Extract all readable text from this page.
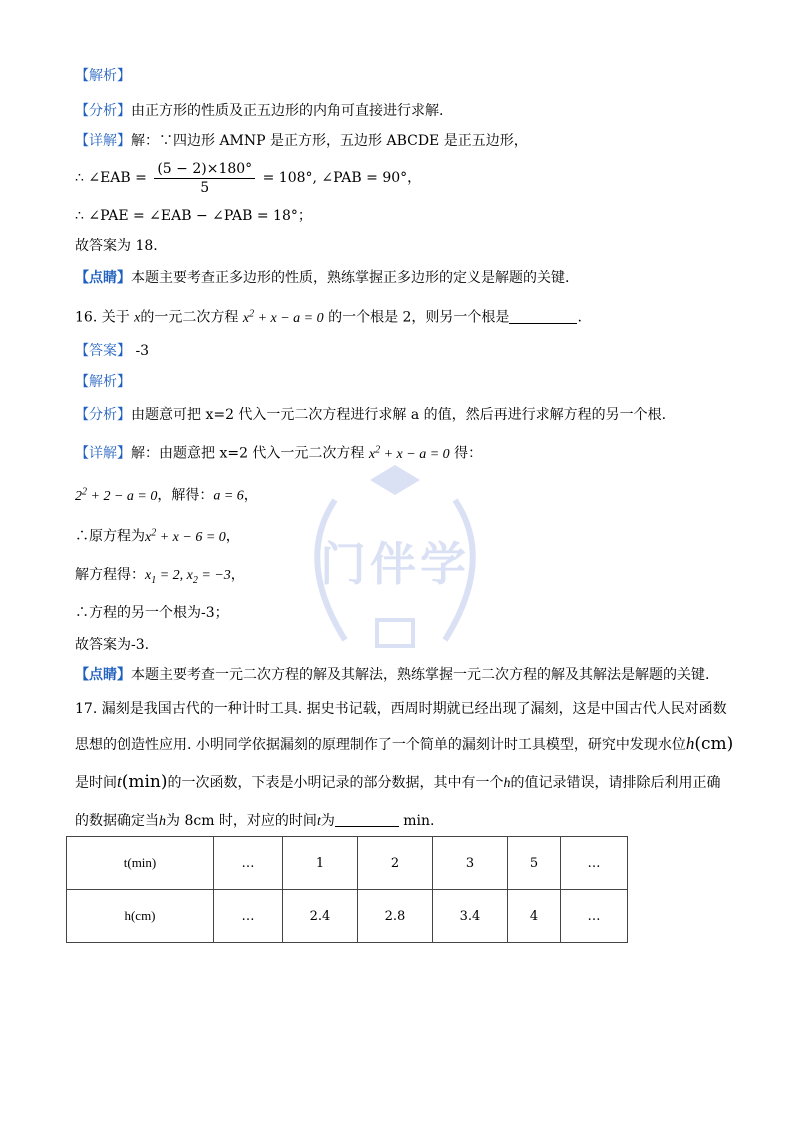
门伴学
【解析】
【分析】由正方形的性质及正五边形的内角可直接进行求解.
【详解】解：∵四边形 AMNP 是正方形，五边形 ABCDE 是正五边形，
∴ ∠EAB = $\frac{(5 - 2)\times 180^\circ}{5} = 108^\circ$, ∠PAB = 90°，
∴ ∠PAE = ∠EAB − ∠PAB = 18°；
故答案为 18.
【点睛】本题主要考查正多边形的性质，熟练掌握正多边形的定义是解题的关键.
16. 关于 x的一元二次方程 $x^2 + x - a = 0$ 的一个根是 2，则另一个根是	.
【答案】 -3
【解析】
【分析】由题意可把 x=2 代入一元二次方程进行求解 a 的值，然后再进行求解方程的另一个根.
【详解】解：由题意把 x=2 代入一元二次方程 $x^2 + x - a = 0$ 得：
$2^2 + 2 - a = 0$，解得：a = 6，
∴原方程为$x^2 + x - 6 = 0$，
解方程得：$x_1 = 2$, $x_2 = -3$，
∴方程的另一个根为-3；
故答案为-3.
【点睛】本题主要考查一元二次方程的解及其解法，熟练掌握一元二次方程的解及其解法是解题的关键.
17. 漏刻是我国古代的一种计时工具. 据史书记载，西周时期就已经出现了漏刻，这是中国古代人民对函数
思想的创造性应用. 小明同学依据漏刻的原理制作了一个简单的漏刻计时工具模型，研究中发现水位h(cm)
是时间t(min)的一次函数，下表是小明记录的部分数据，其中有一个h的值记录错误，请排除后利用正确
的数据确定当h为 8cm 时，对应的时间t为	min.
t(min)	…	1	2	3	5	…
h(cm)	…	2.4	2.8	3.4	4	…
